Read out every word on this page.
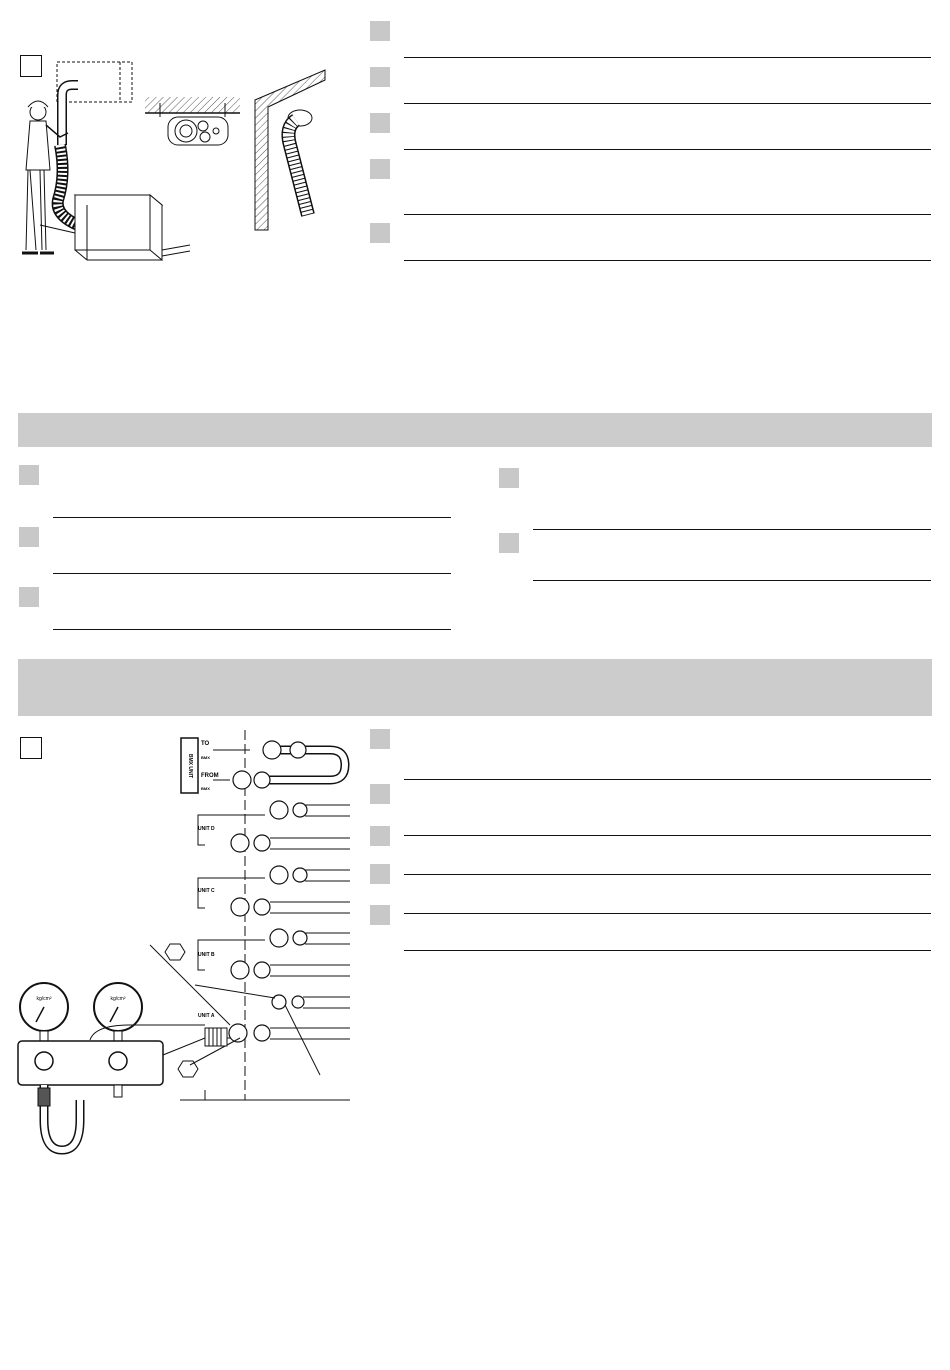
BMX UNIT
TO
BMX
FROM
BMX
UNIT D
UNIT C
UNIT B
UNIT A
kg/cm²	kg/cm²
